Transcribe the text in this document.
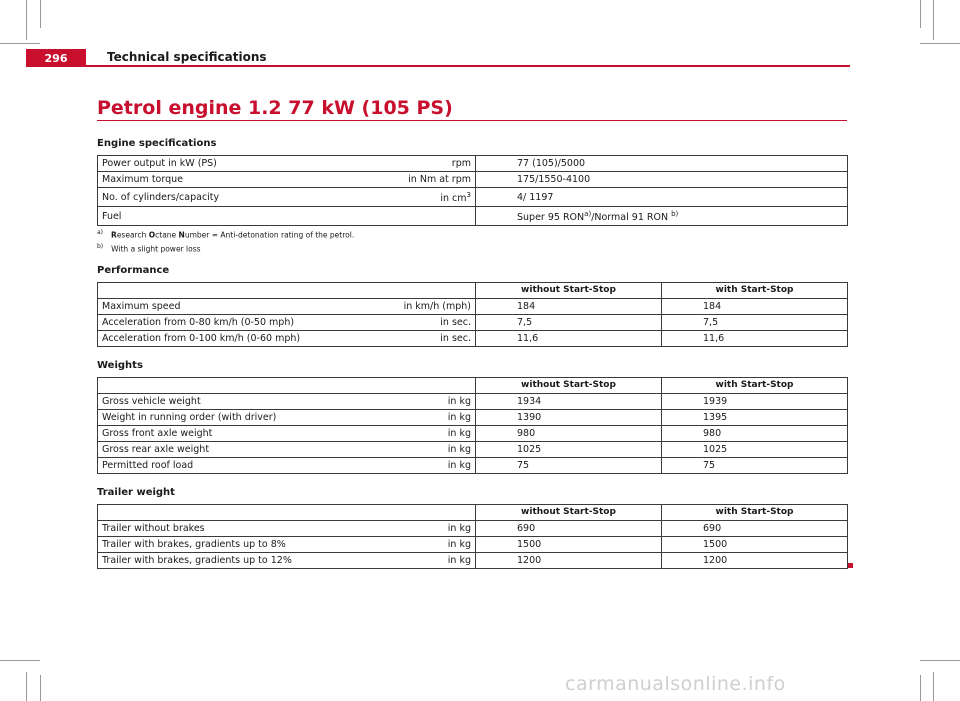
296	Technical specifications
Petrol engine 1.2 77 kW (105 PS)
Engine specifications
Power output in kW (PS)	rpm	77 (105)/5000
Maximum torque	in Nm at rpm	175/1550-4100
No. of cylinders/capacity	in $cm^3$	4/ 1197
Fuel		Super 95 RON$^{a)}$/Normal 91 RON $^{b)}$
$^{a)}$ Research Octane Number = Anti-detonation rating of the petrol.
$^{b)}$ With a slight power loss
Performance
		without Start-Stop	with Start-Stop
Maximum speed	in km/h (mph)	184	184
Acceleration from 0-80 km/h (0-50 mph)	in sec.	7,5	7,5
Acceleration from 0-100 km/h (0-60 mph)	in sec.	11,6	11,6
Weights
		without Start-Stop	with Start-Stop
Gross vehicle weight	in kg	1934	1939
Weight in running order (with driver)	in kg	1390	1395
Gross front axle weight	in kg	980	980
Gross rear axle weight	in kg	1025	1025
Permitted roof load	in kg	75	75
Trailer weight
		without Start-Stop	with Start-Stop
Trailer without brakes	in kg	690	690
Trailer with brakes, gradients up to 8%	in kg	1500	1500
Trailer with brakes, gradients up to 12%	in kg	1200	1200
carmanualsonline.info
